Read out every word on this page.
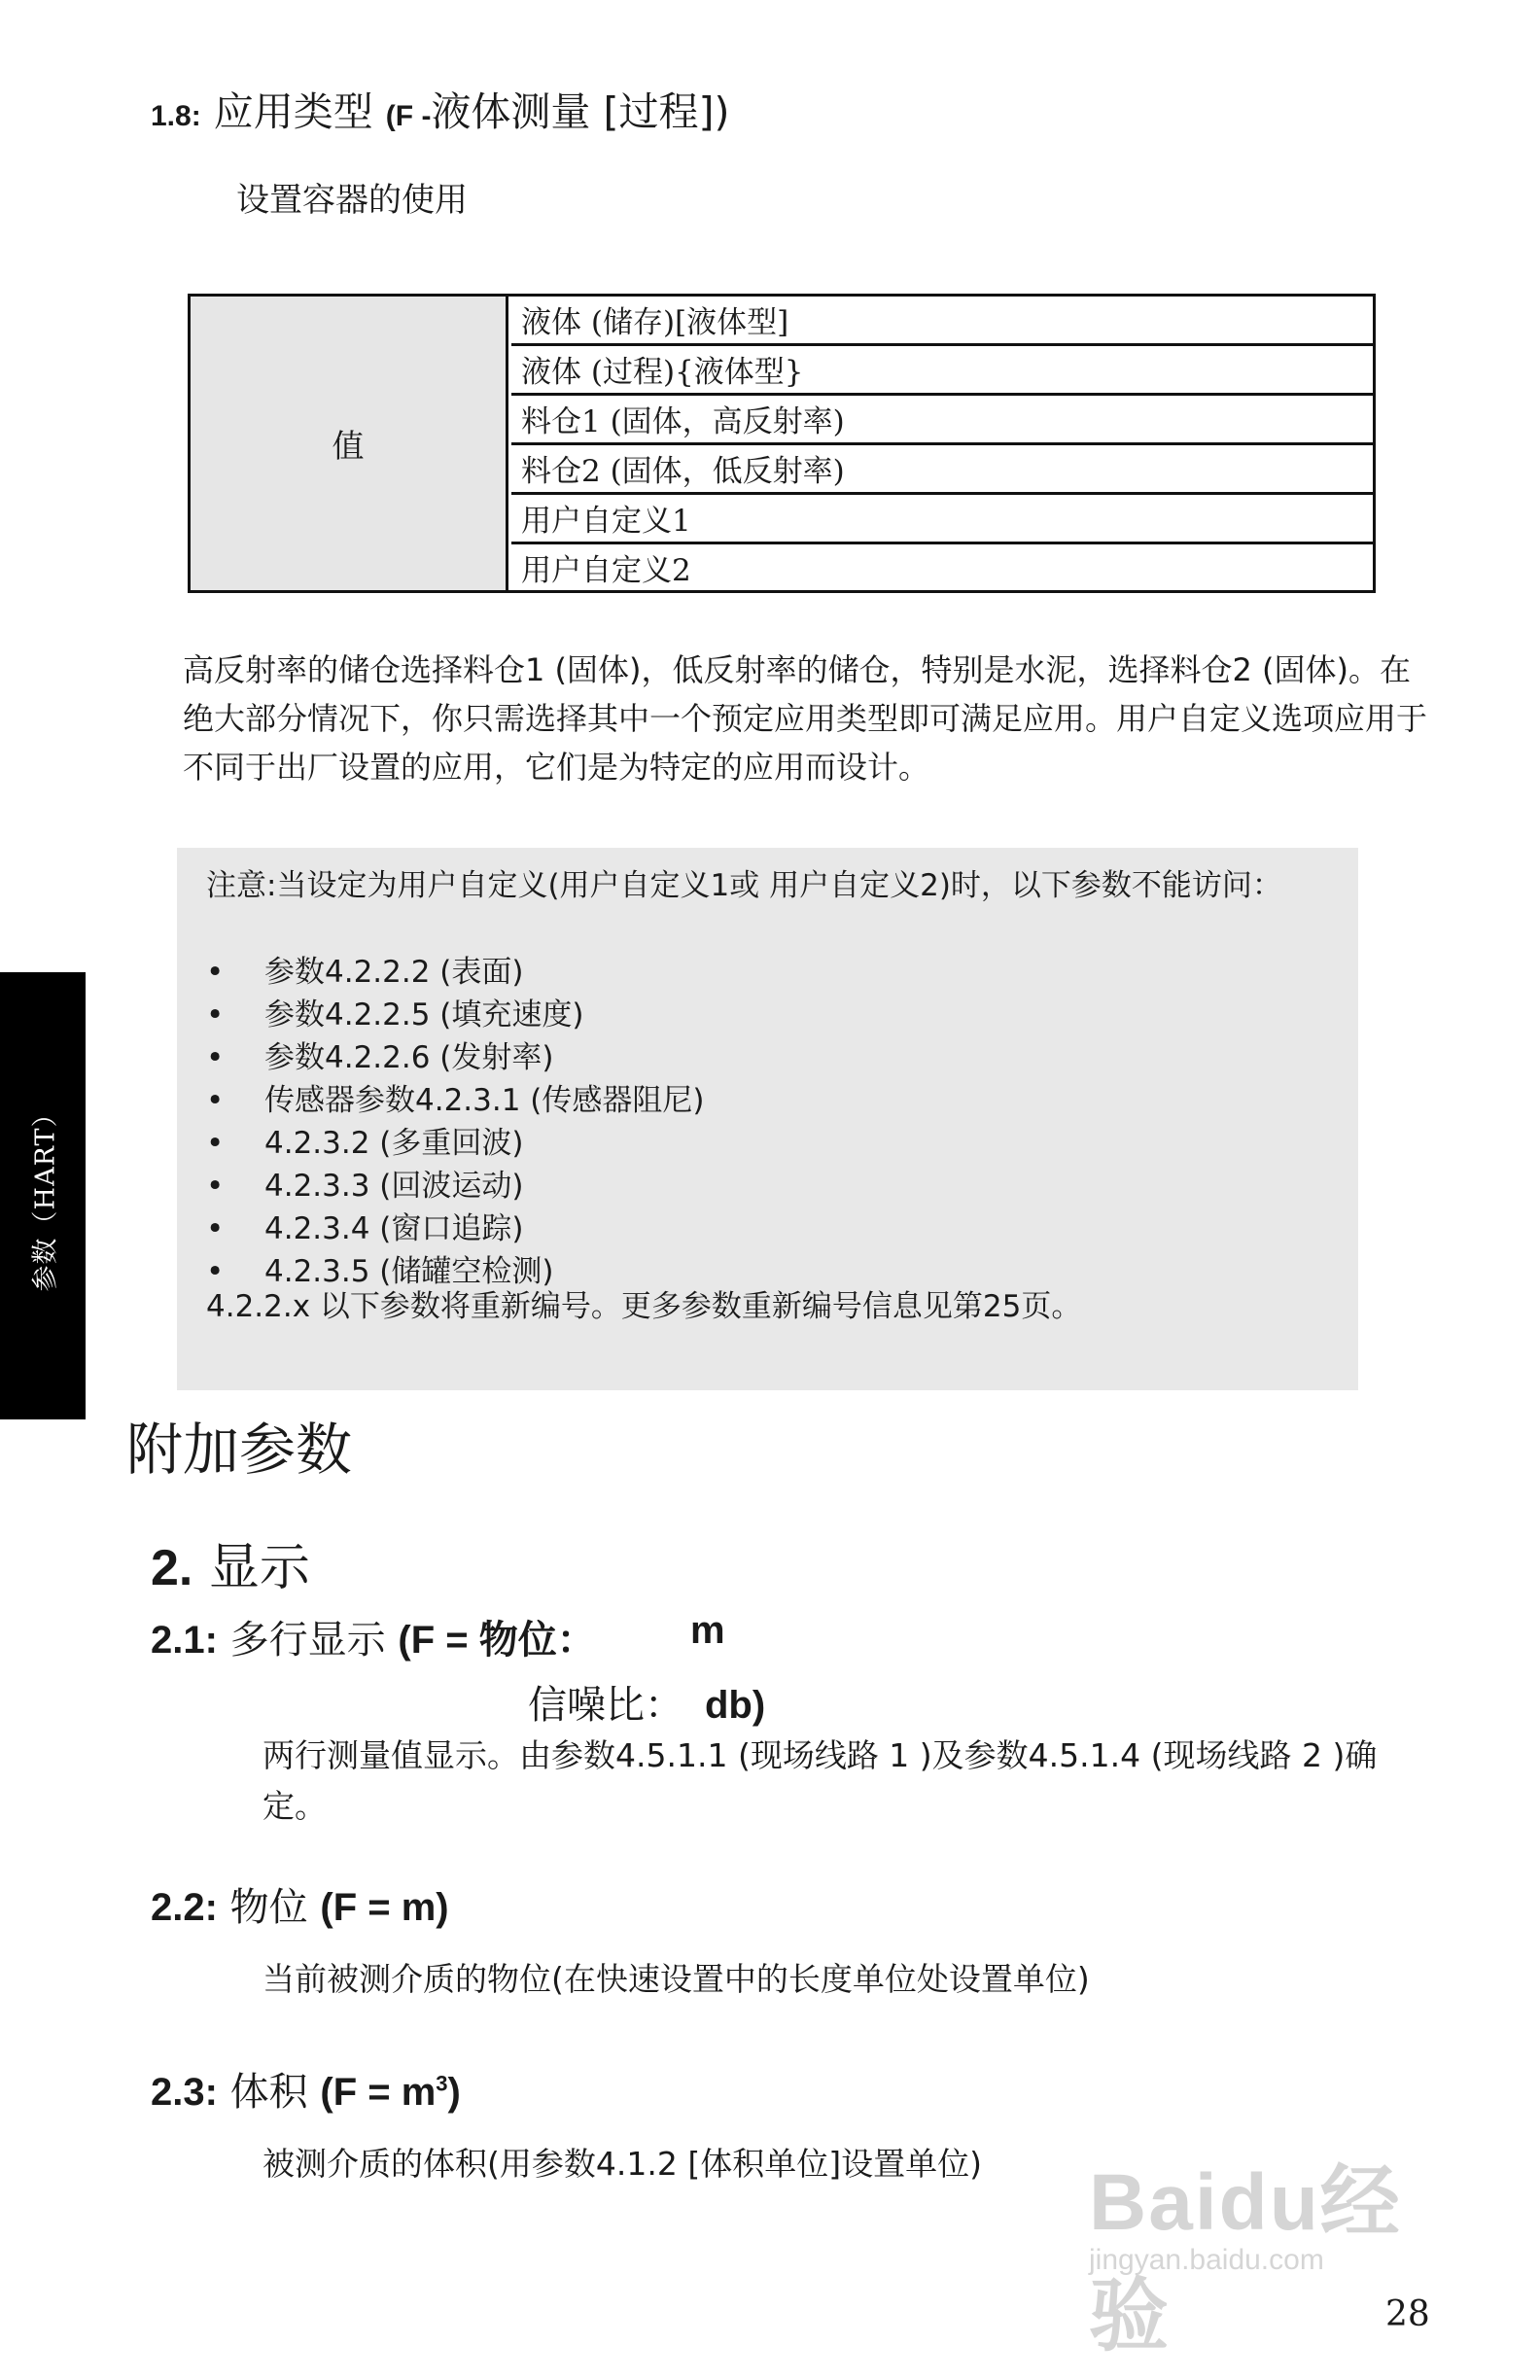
1.8: 应用类型 (F -液体测量 [过程])
设置容器的使用
值
液体 (储存)[液体型]
液体 (过程){液体型}
料仓1 (固体，高反射率)
料仓2 (固体，低反射率)
用户自定义1
用户自定义2
高反射率的储仓选择料仓1 (固体)，低反射率的储仓，特别是水泥，选择料仓2 (固体)。在绝大部分情况下，你只需选择其中一个预定应用类型即可满足应用。用户自定义选项应用于不同于出厂设置的应用，它们是为特定的应用而设计。
注意:当设定为用户自定义(用户自定义1或 用户自定义2)时，以下参数不能访问：
• 参数4.2.2.2 (表面)
• 参数4.2.2.5 (填充速度)
• 参数4.2.2.6 (发射率)
• 传感器参数4.2.3.1 (传感器阻尼)
• 4.2.3.2 (多重回波)
• 4.2.3.3 (回波运动)
• 4.2.3.4 (窗口追踪)
• 4.2.3.5 (储罐空检测)
4.2.2.x 以下参数将重新编号。更多参数重新编号信息见第25页。
参数（HART）
附加参数
2. 显示
2.1: 多行显示 (F = 物位： m
信噪比： db)
两行测量值显示。由参数4.5.1.1 (现场线路 1 )及参数4.5.1.4 (现场线路 2 )确定。
2.2: 物位 (F = m)
当前被测介质的物位(在快速设置中的长度单位处设置单位)
2.3: 体积 $(F = m^3)$
被测介质的体积(用参数4.1.2 [体积单位]设置单位) Baidu经验
jingyan.baidu.com
28
